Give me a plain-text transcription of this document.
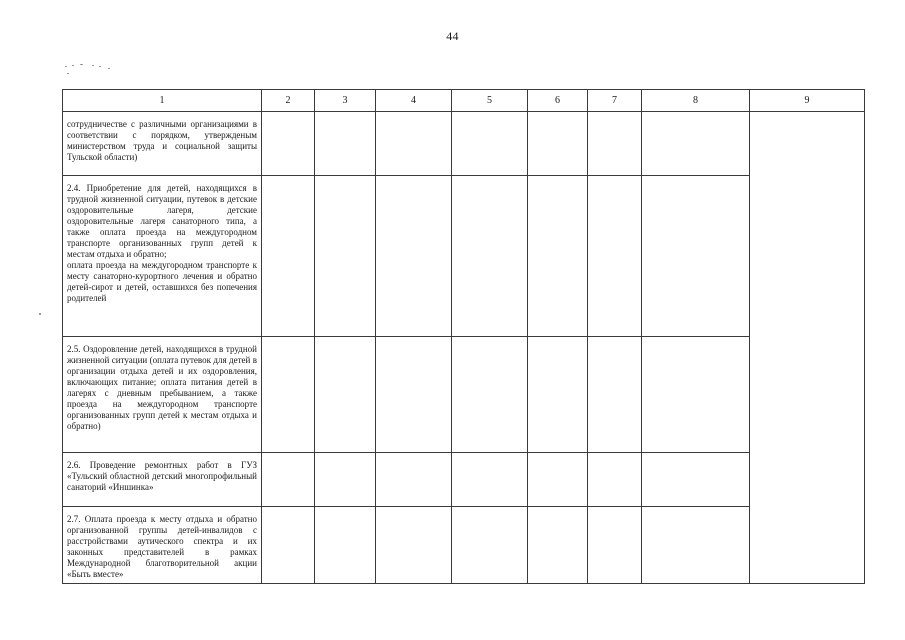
44
1	2	3	4	5	6	7	8	9

сотрудничестве с различными организациями в соответствии с порядком, утвержденым министерством труда и социальной защиты Тульской области)								

2.4. Приобретение для детей, находящихся в трудной жизненной ситуации, путевок в детские оздоровительные лагеря, детские оздоровительные лагеря санаторного типа, а также оплата проезда на междугородном транспорте организованных групп детей к местам отдыха и обратно;
оплата проезда на междугородном транспорте к месту санаторно-курортного лечения и обратно детей-сирот и детей, оставшихся без попечения родителей								

2.5. Оздоровление детей, находящихся в трудной жизненной ситуации (оплата путевок для детей в организации отдыха детей и их оздоровления, включающих питание; оплата питания детей в лагерях с дневным пребыванием, а также проезда на междугородном транспорте организованных групп детей к местам отдыха и обратно)								

2.6. Проведение ремонтных работ в ГУЗ «Тульский областной детский многопрофильный санаторий «Иншинка»								

2.7. Оплата проезда к месту отдыха и обратно организованной группы детей-инвалидов с расстройствами аутического спектра и их законных представителей в рамках Международной благотворительной акции «Быть вместе»								
